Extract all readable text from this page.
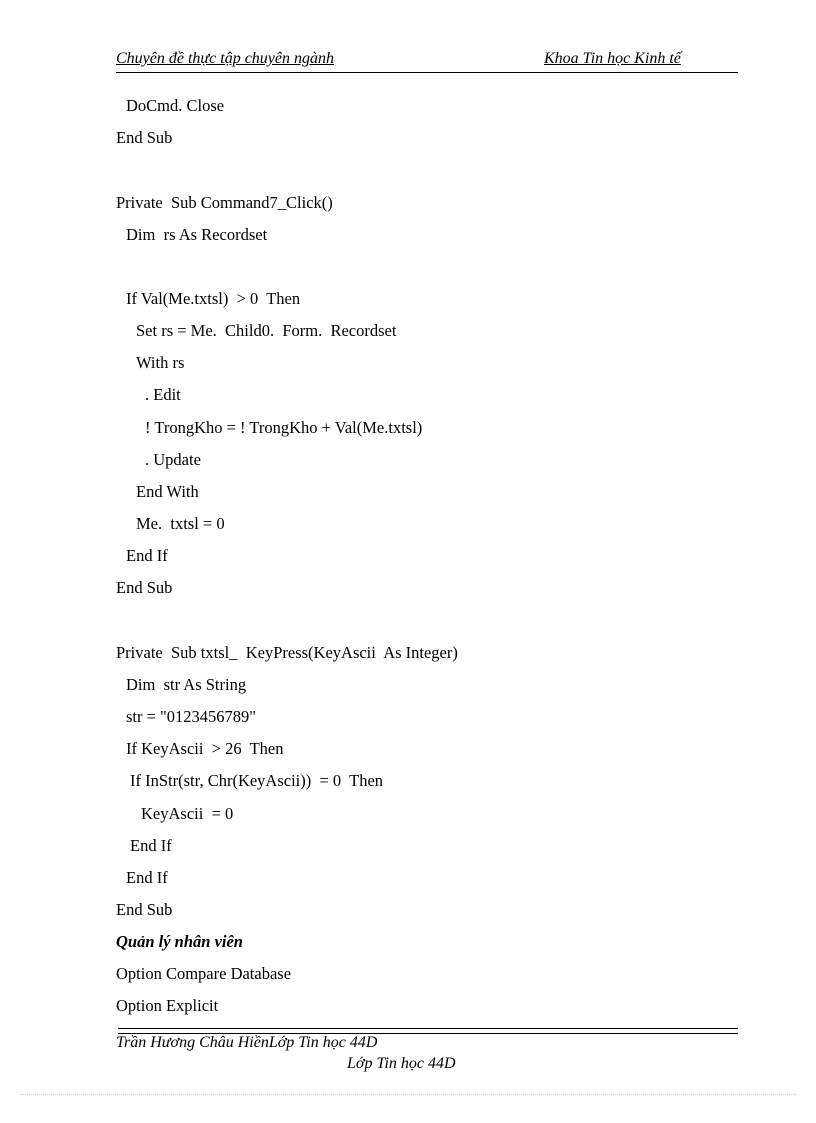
Chuyên đề thực tập chuyên ngành	Khoa Tin học Kinh tế
DoCmd. Close
End Sub
Private  Sub Command7_Click()
Dim  rs As Recordset
If Val(Me.txtsl)  > 0  Then
Set rs = Me.  Child0.  Form.  Recordset
With rs
. Edit
! TrongKho = ! TrongKho + Val(Me.txtsl)
. Update
End With
Me.  txtsl = 0
End If
End Sub
Private  Sub txtsl_  KeyPress(KeyAscii  As Integer)
Dim  str As String
str = "0123456789"
If KeyAscii  > 26  Then
If InStr(str, Chr(KeyAscii))  = 0  Then
KeyAscii  = 0
End If
End If
End Sub
Quản lý nhân viên
Option Compare Database
Option Explicit
Trần Hương Châu HiềnLớp Tin học 44D
Lớp Tin học 44D
